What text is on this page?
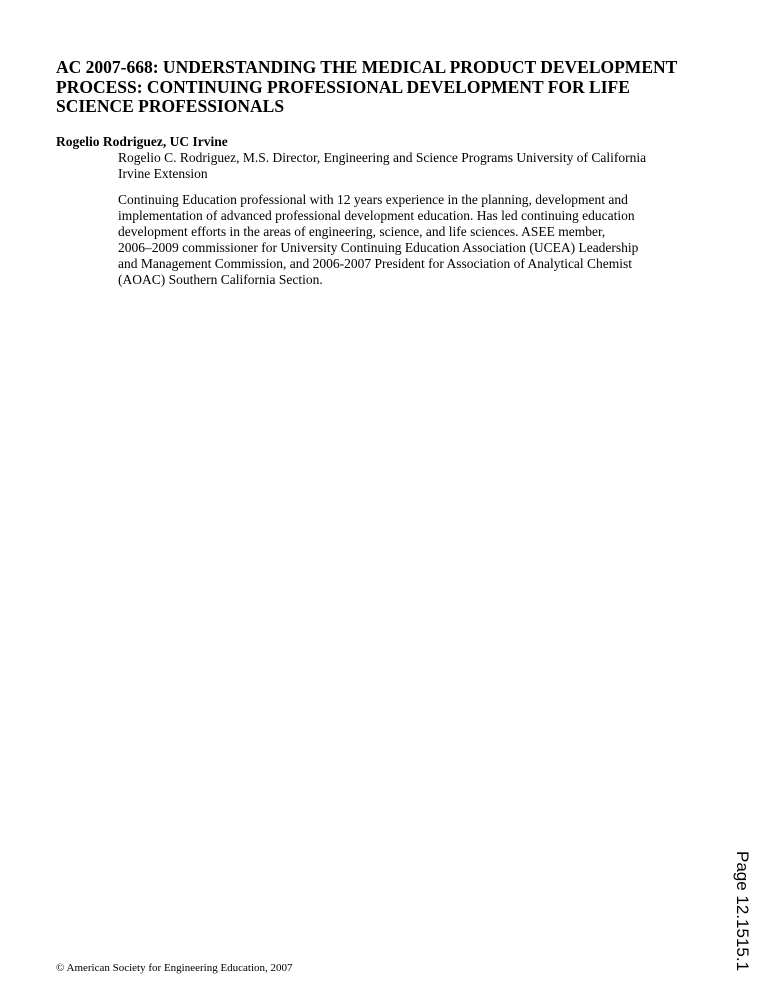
AC 2007-668: UNDERSTANDING THE MEDICAL PRODUCT DEVELOPMENT
PROCESS: CONTINUING PROFESSIONAL DEVELOPMENT FOR LIFE
SCIENCE PROFESSIONALS

Rogelio Rodriguez, UC Irvine

Rogelio C. Rodriguez, M.S. Director, Engineering and Science Programs University of California
Irvine Extension

Continuing Education professional with 12 years experience in the planning, development and
implementation of advanced professional development education. Has led continuing education
development efforts in the areas of engineering, science, and life sciences. ASEE member,
2006–2009 commissioner for University Continuing Education Association (UCEA) Leadership
and Management Commission, and 2006-2007 President for Association of Analytical Chemist
(AOAC) Southern California Section.

Page 12.1515.1
© American Society for Engineering Education, 2007
